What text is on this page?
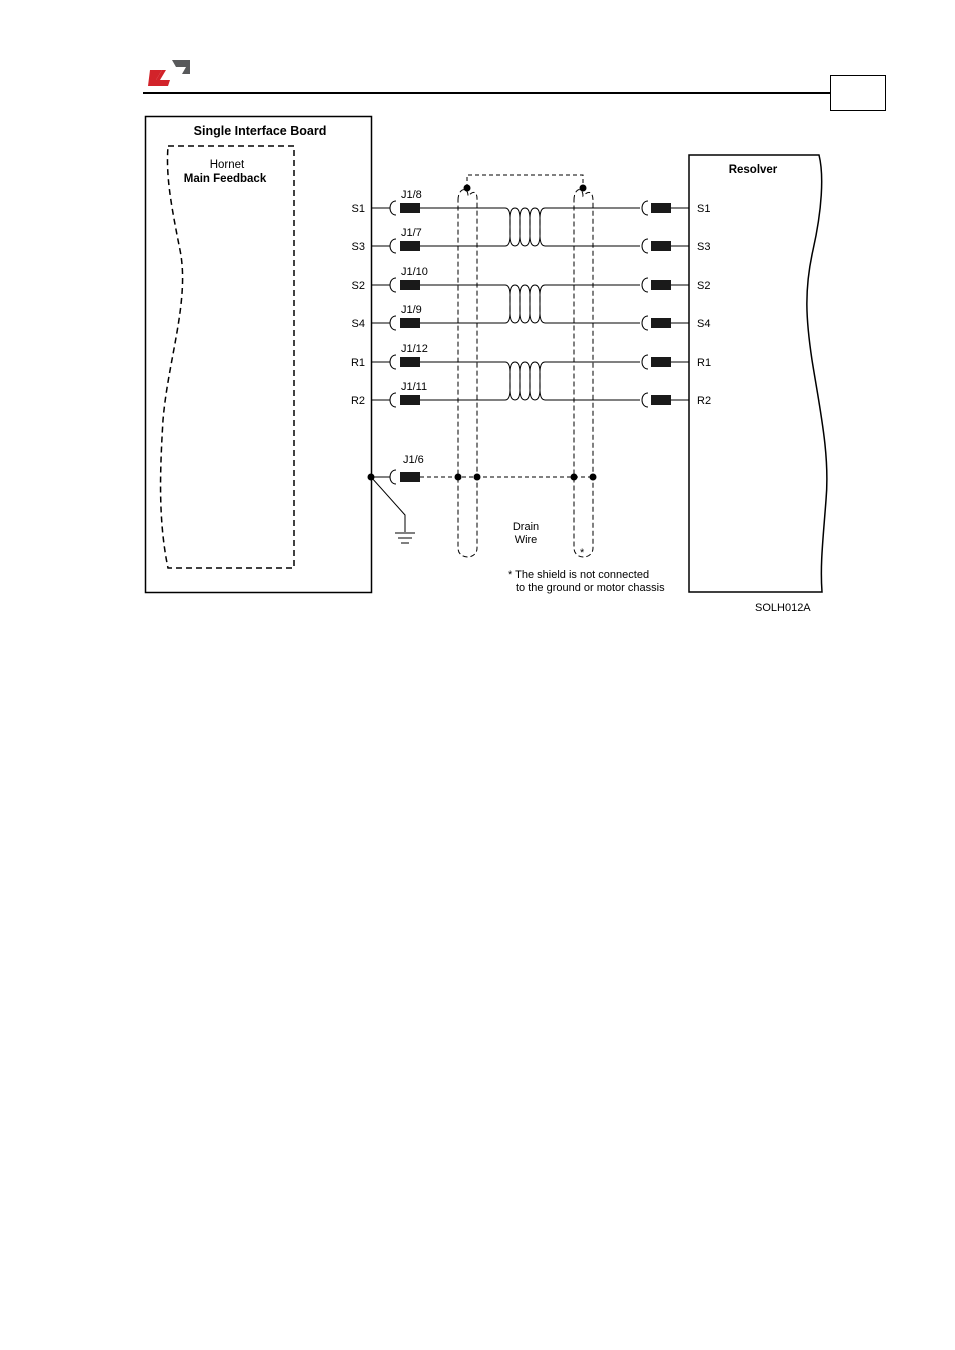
Single Interface Board
Hornet
Main Feedback
Resolver
S1
J1/8
S1
S3
J1/7
S3
S2
J1/10
S2
S4
J1/9
S4
R1
J1/12
R1
R2
J1/11
R2
J1/6
Drain
Wire
*
* The shield is not connected
to the ground or motor chassis
SOLH012A
